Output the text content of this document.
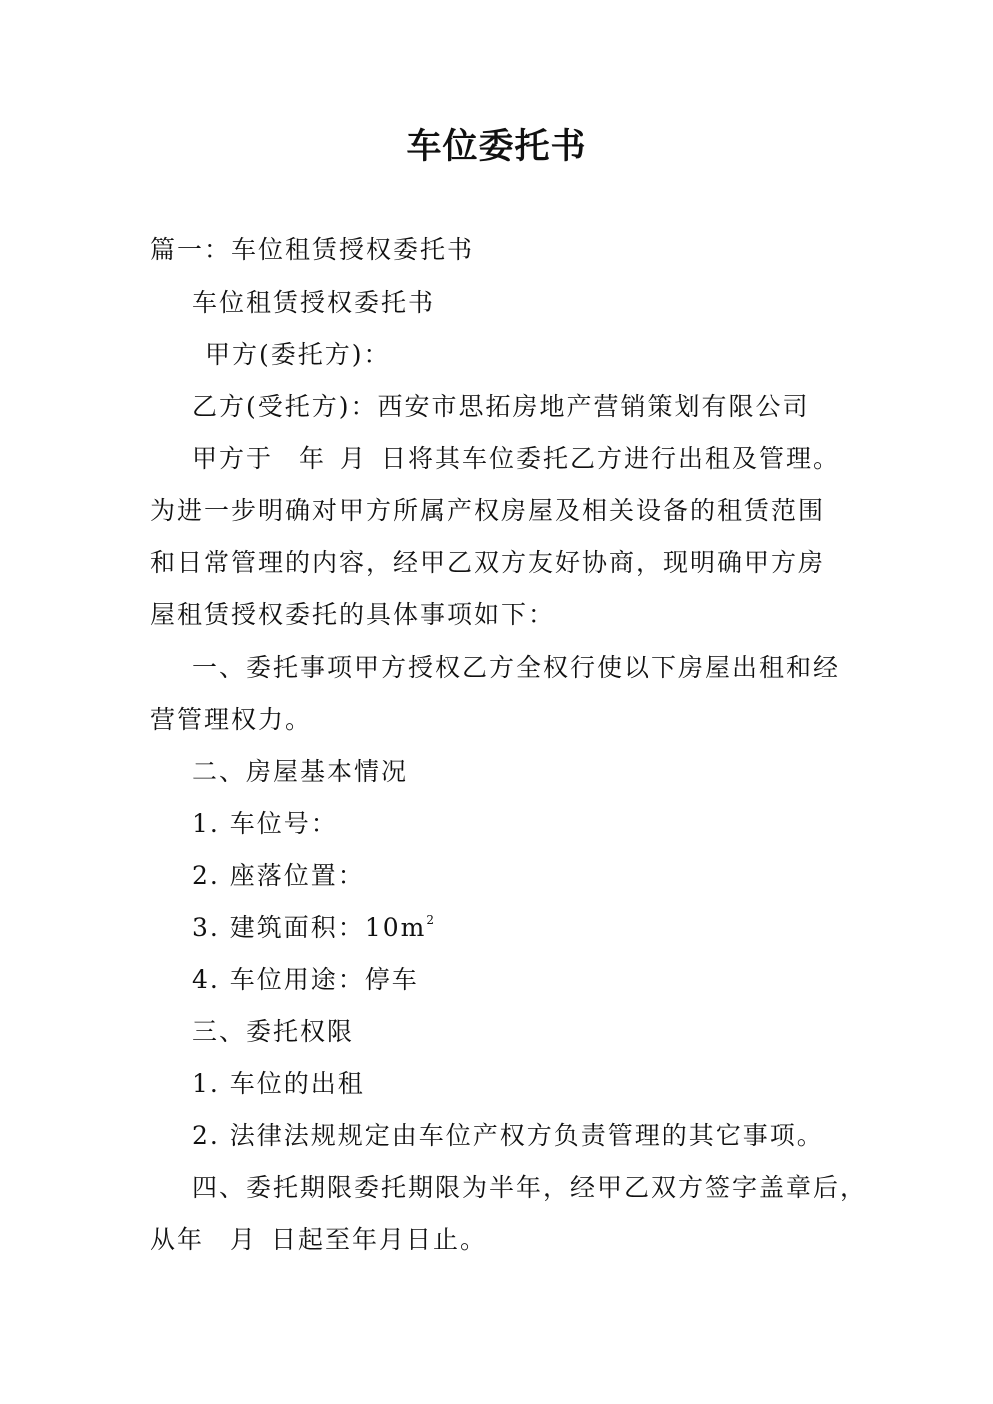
车位委托书
篇一：车位租赁授权委托书
车位租赁授权委托书
甲方(委托方)：
乙方(受托方)：西安市思拓房地产营销策划有限公司
甲方于 年 月 日将其车位委托乙方进行出租及管理。
为进一步明确对甲方所属产权房屋及相关设备的租赁范围
和日常管理的内容，经甲乙双方友好协商，现明确甲方房
屋租赁授权委托的具体事项如下：
一、委托事项甲方授权乙方全权行使以下房屋出租和经
营管理权力。
二、房屋基本情况
1. 车位号：
2. 座落位置：
3. 建筑面积：$10m^2$
4. 车位用途：停车
三、委托权限
1. 车位的出租
2. 法律法规规定由车位产权方负责管理的其它事项。
四、委托期限委托期限为半年，经甲乙双方签字盖章后，
从年 月 日起至年月日止。
